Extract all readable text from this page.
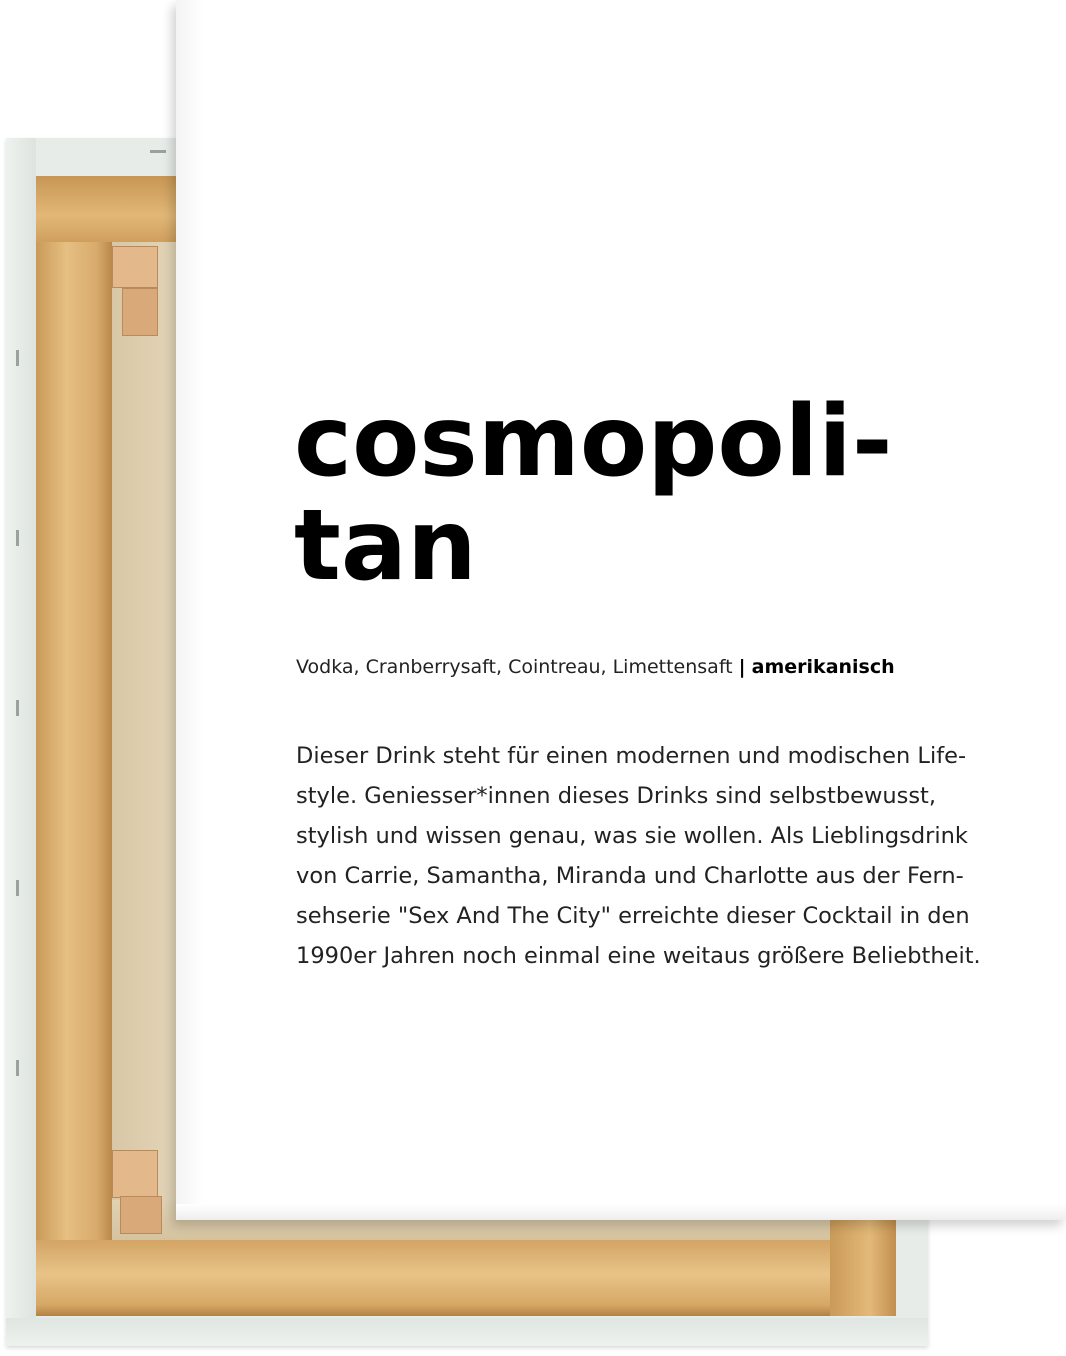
cosmopoli-
tan
Vodka, Cranberrysaft, Cointreau, Limettensaft | amerikanisch

Dieser Drink steht für einen modernen und modischen Life-
style. Geniesser*innen dieses Drinks sind selbstbewusst,
stylish und wissen genau, was sie wollen. Als Lieblingsdrink
von Carrie, Samantha, Miranda und Charlotte aus der Fern-
sehserie "Sex And The City" erreichte dieser Cocktail in den
1990er Jahren noch einmal eine weitaus größere Beliebtheit.
